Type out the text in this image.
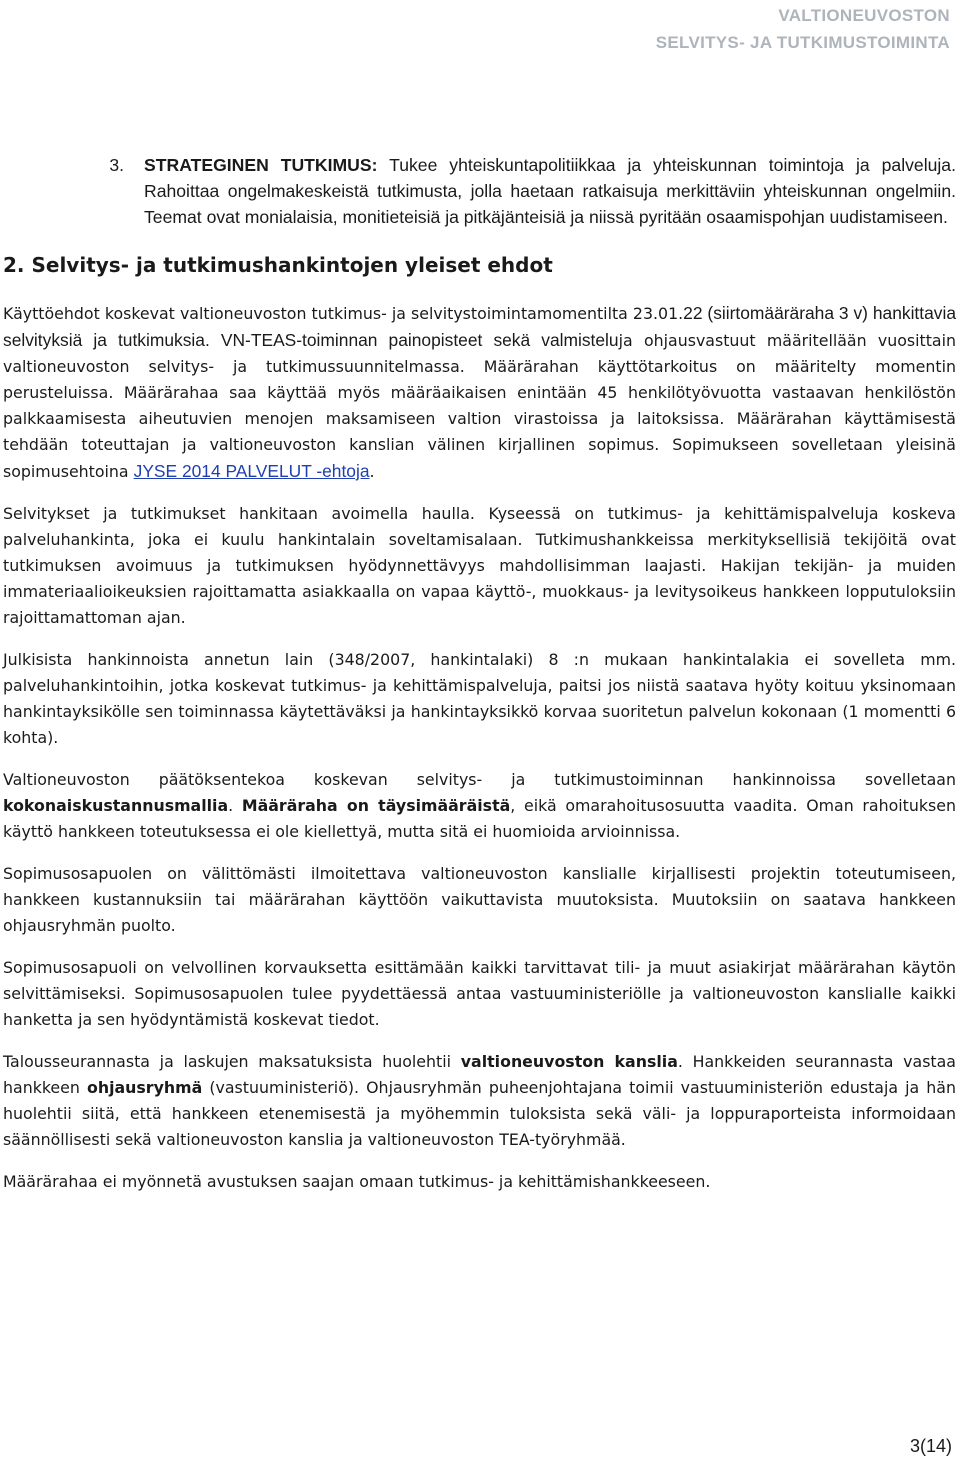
VALTIONEUVOSTON
SELVITYS- JA TUTKIMUSTOIMINTA
3.	STRATEGINEN TUTKIMUS: Tukee yhteiskuntapolitiikkaa ja yhteiskunnan toimintoja ja palveluja. Rahoittaa ongelmakeskeistä tutkimusta, jolla haetaan ratkaisuja merkittäviin yhteiskunnan ongelmiin. Teemat ovat monialaisia, monitieteisiä ja pitkäjänteisiä ja niissä pyritään osaamispohjan uudistamiseen.
2. Selvitys- ja tutkimushankintojen yleiset ehdot

Käyttöehdot koskevat valtioneuvoston tutkimus- ja selvitystoimintamomentilta 23.01.22 (siirtomääräraha 3 v) hankittavia selvityksiä ja tutkimuksia. VN-TEAS-toiminnan painopisteet sekä valmisteluja ohjausvastuut määritellään vuosittain valtioneuvoston selvitys- ja tutkimussuunnitelmassa. Määrärahan käyttötarkoitus on määritelty momentin perusteluissa. Määrärahaa saa käyttää myös määräaikaisen enintään 45 henkilötyövuotta vastaavan henkilöstön palkkaamisesta aiheutuvien menojen maksamiseen valtion virastoissa ja laitoksissa. Määrärahan käyttämisestä tehdään toteuttajan ja valtioneuvoston kanslian välinen kirjallinen sopimus. Sopimukseen sovelletaan yleisinä sopimusehtoina JYSE 2014 PALVELUT -ehtoja.

Selvitykset ja tutkimukset hankitaan avoimella haulla. Kyseessä on tutkimus- ja kehittämispalveluja koskeva palveluhankinta, joka ei kuulu hankintalain soveltamisalaan. Tutkimushankkeissa merkityksellisiä tekijöitä ovat tutkimuksen avoimuus ja tutkimuksen hyödynnettävyys mahdollisimman laajasti. Hakijan tekijän- ja muiden immateriaalioikeuksien rajoittamatta asiakkaalla on vapaa käyttö-, muokkaus- ja levitysoikeus hankkeen lopputuloksiin rajoittamattoman ajan.

Julkisista hankinnoista annetun lain (348/2007, hankintalaki) 8 :n mukaan hankintalakia ei sovelleta mm. palveluhankintoihin, jotka koskevat tutkimus- ja kehittämispalveluja, paitsi jos niistä saatava hyöty koituu yksinomaan hankintayksikölle sen toiminnassa käytettäväksi ja hankintayksikkö korvaa suoritetun palvelun kokonaan (1 momentti 6 kohta).

Valtioneuvoston päätöksentekoa koskevan selvitys- ja tutkimustoiminnan hankinnoissa sovelletaan kokonaiskustannusmallia. Määräraha on täysimääräistä, eikä omarahoitusosuutta vaadita. Oman rahoituksen käyttö hankkeen toteutuksessa ei ole kiellettyä, mutta sitä ei huomioida arvioinnissa.

Sopimusosapuolen on välittömästi ilmoitettava valtioneuvoston kanslialle kirjallisesti projektin toteutumiseen, hankkeen kustannuksiin tai määrärahan käyttöön vaikuttavista muutoksista. Muutoksiin on saatava hankkeen ohjausryhmän puolto.

Sopimusosapuoli on velvollinen korvauksetta esittämään kaikki tarvittavat tili- ja muut asiakirjat määrärahan käytön selvittämiseksi. Sopimusosapuolen tulee pyydettäessä antaa vastuuministeriölle ja valtioneuvoston kanslialle kaikki hanketta ja sen hyödyntämistä koskevat tiedot.

Talousseurannasta ja laskujen maksatuksista huolehtii valtioneuvoston kanslia. Hankkeiden seurannasta vastaa hankkeen ohjausryhmä (vastuuministeriö). Ohjausryhmän puheenjohtajana toimii vastuuministeriön edustaja ja hän huolehtii siitä, että hankkeen etenemisestä ja myöhemmin tuloksista sekä väli- ja loppuraporteista informoidaan säännöllisesti sekä valtioneuvoston kanslia ja valtioneuvoston TEA-työryhmää.

Määrärahaa ei myönnetä avustuksen saajan omaan tutkimus- ja kehittämishankkeeseen.

3(14)
